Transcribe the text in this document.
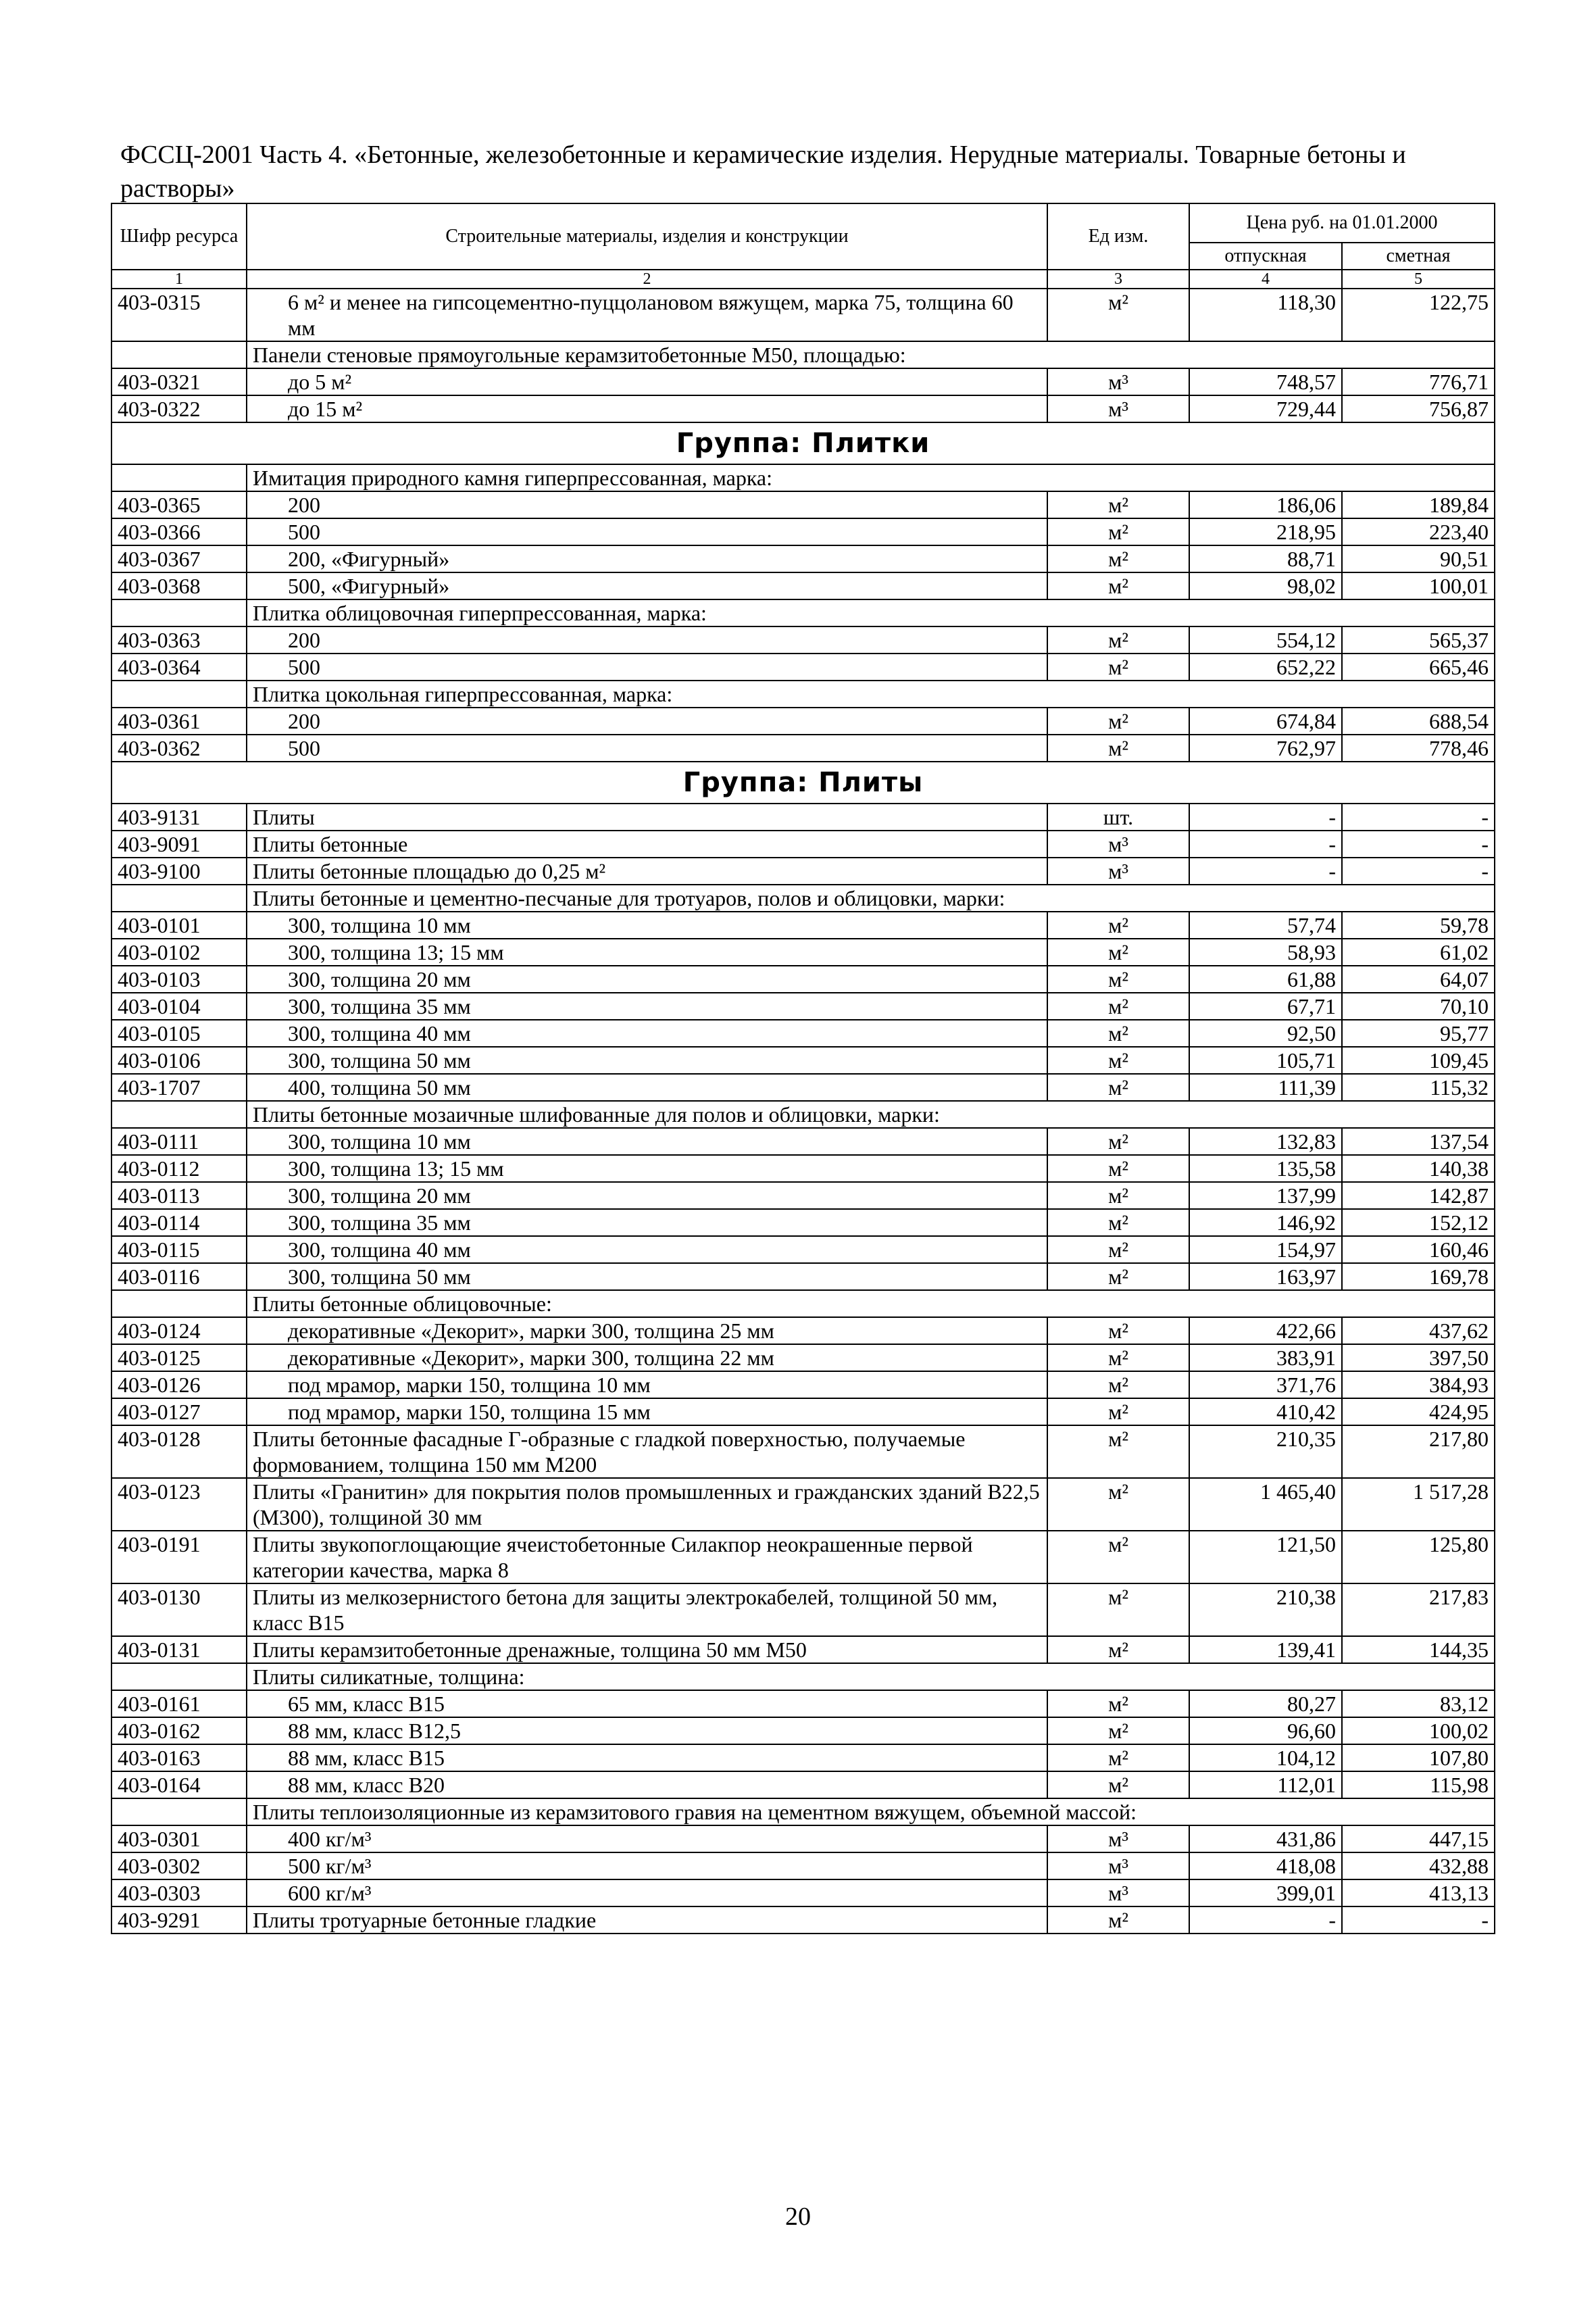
ФССЦ-2001 Часть 4. «Бетонные, железобетонные и керамические изделия. Нерудные материалы. Товарные бетоны и растворы»
Шифр ресурса	Строительные материалы, изделия и конструкции	Ед изм.	Цена руб. на 01.01.2000	
			отпускная	сметная
1	2	3	4	5
403-0315	6 м² и менее на гипсоцементно-пуццолановом вяжущем, марка 75, толщина 60 мм	м²	118,30	122,75
	Панели стеновые прямоугольные керамзитобетонные М50, площадью:			
403-0321	до 5 м²	м³	748,57	776,71
403-0322	до 15 м²	м³	729,44	756,87
Группа: Плитки				
	Имитация природного камня гиперпрессованная, марка:			
403-0365	200	м²	186,06	189,84
403-0366	500	м²	218,95	223,40
403-0367	200, «Фигурный»	м²	88,71	90,51
403-0368	500, «Фигурный»	м²	98,02	100,01
	Плитка облицовочная гиперпрессованная, марка:			
403-0363	200	м²	554,12	565,37
403-0364	500	м²	652,22	665,46
	Плитка цокольная гиперпрессованная, марка:			
403-0361	200	м²	674,84	688,54
403-0362	500	м²	762,97	778,46
Группа: Плиты				
403-9131	Плиты	шт.	-	-
403-9091	Плиты бетонные	м³	-	-
403-9100	Плиты бетонные площадью до 0,25 м²	м³	-	-
	Плиты бетонные и цементно-песчаные для тротуаров, полов и облицовки, марки:			
403-0101	300, толщина 10 мм	м²	57,74	59,78
403-0102	300, толщина 13; 15 мм	м²	58,93	61,02
403-0103	300, толщина 20 мм	м²	61,88	64,07
403-0104	300, толщина 35 мм	м²	67,71	70,10
403-0105	300, толщина 40 мм	м²	92,50	95,77
403-0106	300, толщина 50 мм	м²	105,71	109,45
403-1707	400, толщина 50 мм	м²	111,39	115,32
	Плиты бетонные мозаичные шлифованные для полов и облицовки, марки:			
403-0111	300, толщина 10 мм	м²	132,83	137,54
403-0112	300, толщина 13; 15 мм	м²	135,58	140,38
403-0113	300, толщина 20 мм	м²	137,99	142,87
403-0114	300, толщина 35 мм	м²	146,92	152,12
403-0115	300, толщина 40 мм	м²	154,97	160,46
403-0116	300, толщина 50 мм	м²	163,97	169,78
	Плиты бетонные облицовочные:			
403-0124	декоративные «Декорит», марки 300, толщина 25 мм	м²	422,66	437,62
403-0125	декоративные «Декорит», марки 300, толщина 22 мм	м²	383,91	397,50
403-0126	под мрамор, марки 150, толщина 10 мм	м²	371,76	384,93
403-0127	под мрамор, марки 150, толщина 15 мм	м²	410,42	424,95
403-0128	Плиты бетонные фасадные Г-образные с гладкой поверхностью, получаемые формованием, толщина 150 мм М200	м²	210,35	217,80
403-0123	Плиты «Гранитин» для покрытия полов промышленных и гражданских зданий В22,5 (М300), толщиной 30 мм	м²	1 465,40	1 517,28
403-0191	Плиты звукопоглощающие ячеистобетонные Силакпор неокрашенные первой категории качества, марка 8	м²	121,50	125,80
403-0130	Плиты из мелкозернистого бетона для защиты электрокабелей, толщиной 50 мм, класс В15	м²	210,38	217,83
403-0131	Плиты керамзитобетонные дренажные, толщина 50 мм М50	м²	139,41	144,35
	Плиты силикатные, толщина:			
403-0161	65 мм, класс В15	м²	80,27	83,12
403-0162	88 мм, класс В12,5	м²	96,60	100,02
403-0163	88 мм, класс В15	м²	104,12	107,80
403-0164	88 мм, класс В20	м²	112,01	115,98
	Плиты теплоизоляционные из керамзитового гравия на цементном вяжущем, объемной массой:			
403-0301	400 кг/м³	м³	431,86	447,15
403-0302	500 кг/м³	м³	418,08	432,88
403-0303	600 кг/м³	м³	399,01	413,13
403-9291	Плиты тротуарные бетонные гладкие	м²	-	-
20
